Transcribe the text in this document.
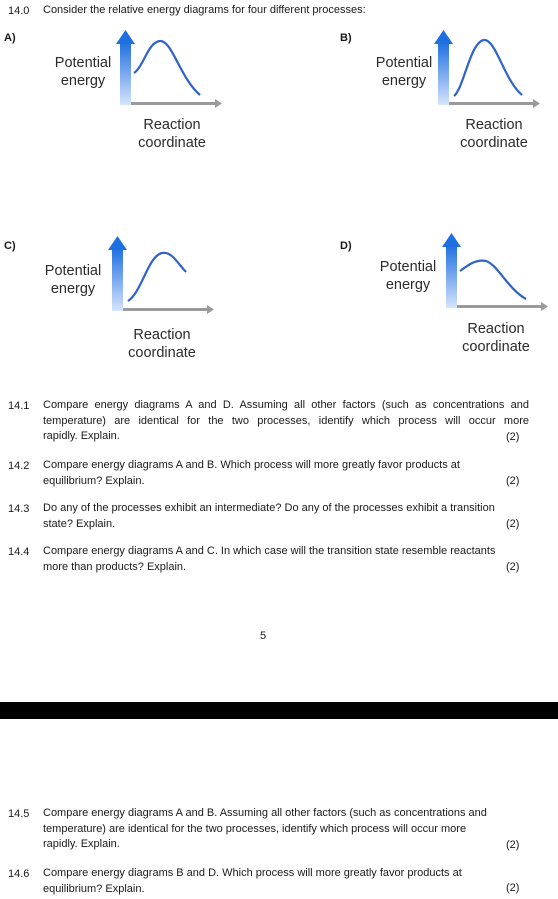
14.0 Consider the relative energy diagrams for four different processes:
A)
Potential
energy
Reaction
coordinate
B)
Potential
energy
Reaction
coordinate
C)
Potential
energy
Reaction
coordinate
D)
Potential
energy
Reaction
coordinate
14.1 Compare energy diagrams A and D. Assuming all other factors (such as concentrations and
temperature) are identical for the two processes, identify which process will occur more
rapidly. Explain.	(2)
14.2 Compare energy diagrams A and B. Which process will more greatly favor products at
equilibrium? Explain.	(2)
14.3 Do any of the processes exhibit an intermediate? Do any of the processes exhibit a transition
state? Explain.	(2)
14.4 Compare energy diagrams A and C. In which case will the transition state resemble reactants
more than products? Explain.	(2)
5
14.5 Compare energy diagrams A and B. Assuming all other factors (such as concentrations and
temperature) are identical for the two processes, identify which process will occur more
rapidly. Explain.	(2)
14.6 Compare energy diagrams B and D. Which process will more greatly favor products at
equilibrium? Explain.	(2)
